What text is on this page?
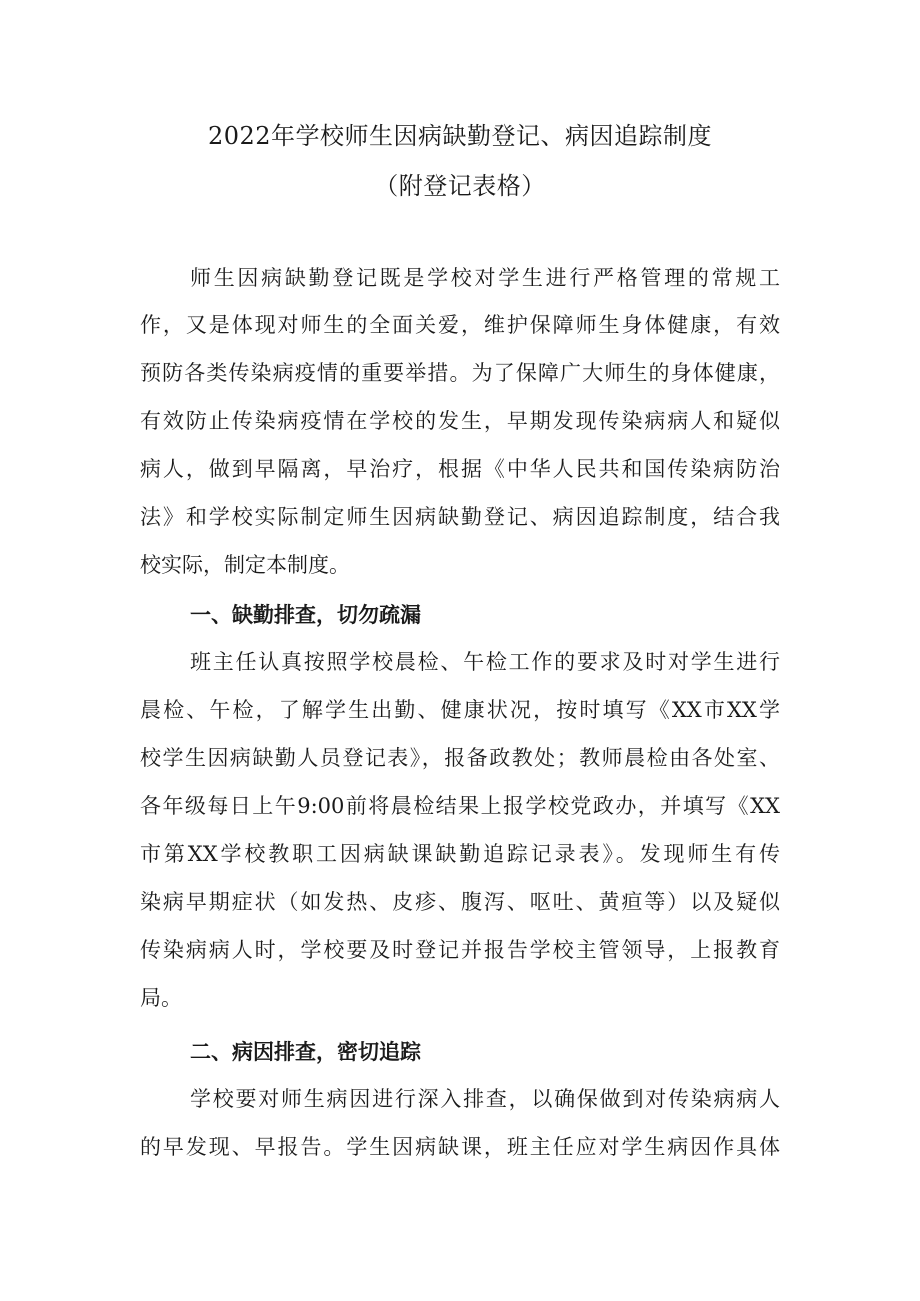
2022年学校师生因病缺勤登记、病因追踪制度
（附登记表格）
师生因病缺勤登记既是学校对学生进行严格管理的常规工
作，又是体现对师生的全面关爱，维护保障师生身体健康，有效
预防各类传染病疫情的重要举措。为了保障广大师生的身体健康，
有效防止传染病疫情在学校的发生，早期发现传染病病人和疑似
病人，做到早隔离，早治疗，根据《中华人民共和国传染病防治
法》和学校实际制定师生因病缺勤登记、病因追踪制度，结合我
校实际，制定本制度。
一、缺勤排查，切勿疏漏
班主任认真按照学校晨检、午检工作的要求及时对学生进行
晨检、午检，了解学生出勤、健康状况，按时填写《XX市XX学
校学生因病缺勤人员登记表》，报备政教处；教师晨检由各处室、
各年级每日上午9:00前将晨检结果上报学校党政办，并填写《XX
市第XX学校教职工因病缺课缺勤追踪记录表》。发现师生有传
染病早期症状（如发热、皮疹、腹泻、呕吐、黄疸等）以及疑似
传染病病人时，学校要及时登记并报告学校主管领导，上报教育
局。
二、病因排查，密切追踪
学校要对师生病因进行深入排查，以确保做到对传染病病人
的早发现、早报告。学生因病缺课，班主任应对学生病因作具体
